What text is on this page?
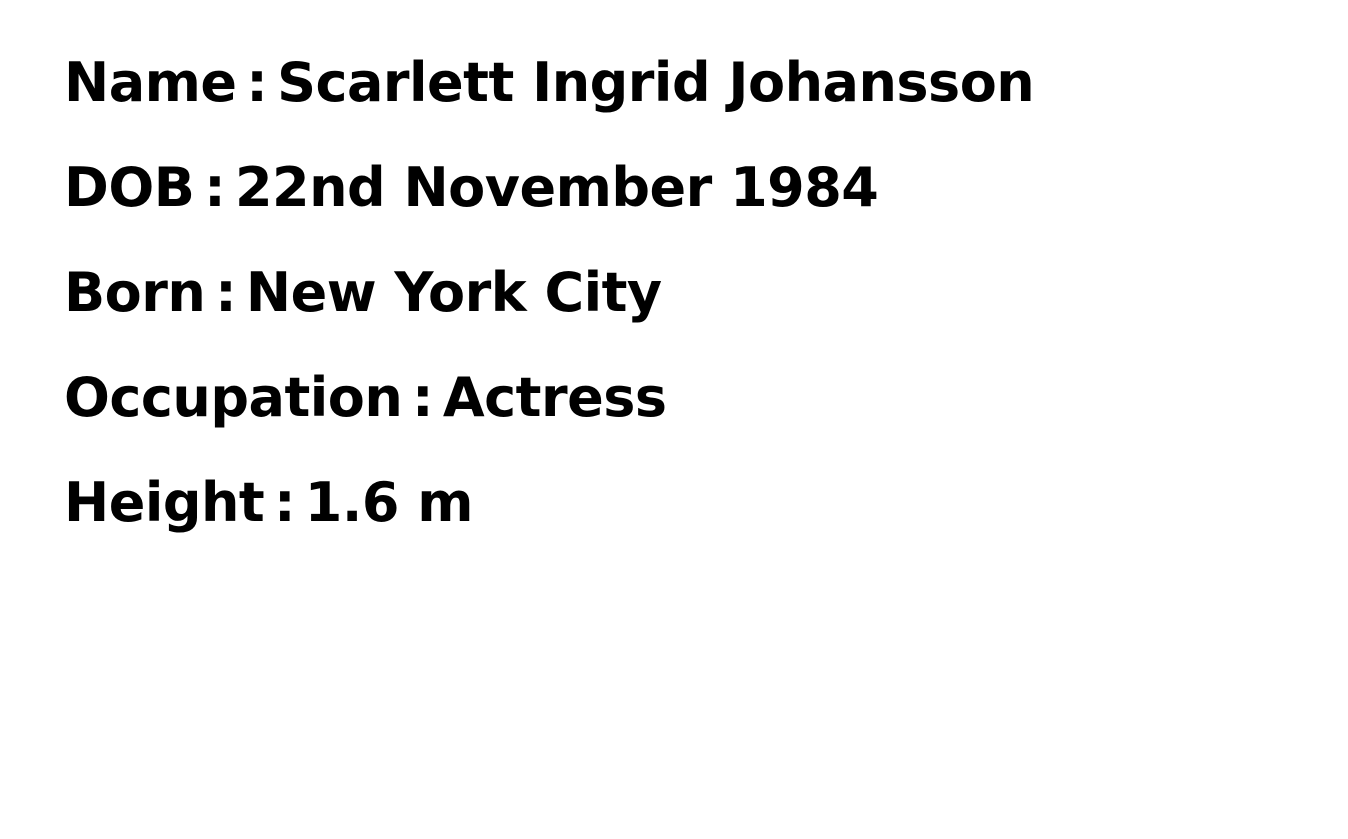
Name : Scarlett Ingrid Johansson
DOB : 22nd November 1984
Born : New York City
Occupation : Actress
Height : 1.6 m
